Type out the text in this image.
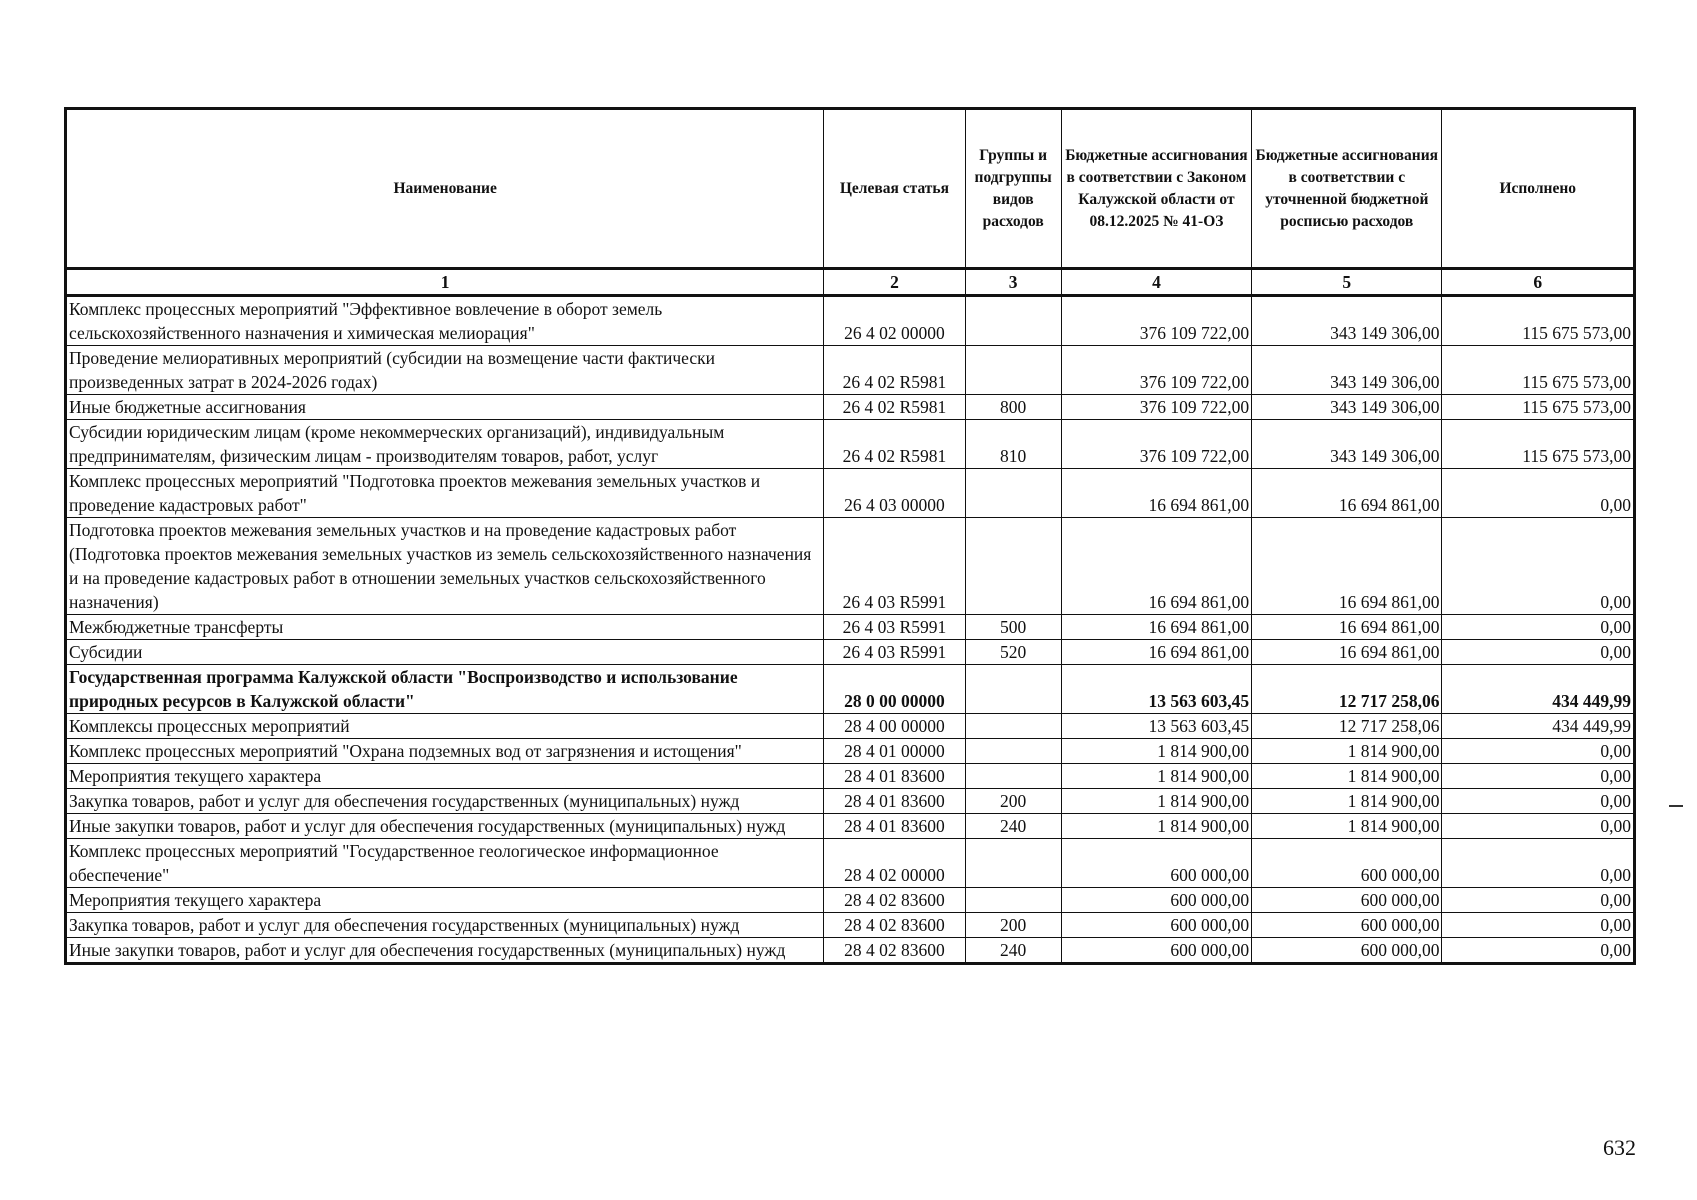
Наименование	Целевая статья	Группы и подгруппы видов расходов	Бюджетные ассигнования в соответствии с Законом Калужской области от 08.12.2025 № 41-ОЗ	Бюджетные ассигнования в соответствии с уточненной бюджетной росписью расходов	Исполнено
1	2	3	4	5	6
Комплекс процессных мероприятий "Эффективное вовлечение в оборот земель сельскохозяйственного назначения и химическая мелиорация"	26 4 02 00000		376 109 722,00	343 149 306,00	115 675 573,00
Проведение мелиоративных мероприятий (субсидии на возмещение части фактически произведенных затрат в 2024-2026 годах)	26 4 02 R5981		376 109 722,00	343 149 306,00	115 675 573,00
Иные бюджетные ассигнования	26 4 02 R5981	800	376 109 722,00	343 149 306,00	115 675 573,00
Субсидии юридическим лицам (кроме некоммерческих организаций), индивидуальным предпринимателям, физическим лицам - производителям товаров, работ, услуг	26 4 02 R5981	810	376 109 722,00	343 149 306,00	115 675 573,00
Комплекс процессных мероприятий "Подготовка проектов межевания земельных участков и проведение кадастровых работ"	26 4 03 00000		16 694 861,00	16 694 861,00	0,00
Подготовка проектов межевания земельных участков и на проведение кадастровых работ (Подготовка проектов межевания земельных участков из земель сельскохозяйственного назначения и на проведение кадастровых работ в отношении земельных участков сельскохозяйственного назначения)	26 4 03 R5991		16 694 861,00	16 694 861,00	0,00
Межбюджетные трансферты	26 4 03 R5991	500	16 694 861,00	16 694 861,00	0,00
Субсидии	26 4 03 R5991	520	16 694 861,00	16 694 861,00	0,00
Государственная программа Калужской области "Воспроизводство и использование природных ресурсов в Калужской области"	28 0 00 00000		13 563 603,45	12 717 258,06	434 449,99
Комплексы процессных мероприятий	28 4 00 00000		13 563 603,45	12 717 258,06	434 449,99
Комплекс процессных мероприятий "Охрана подземных вод от загрязнения и истощения"	28 4 01 00000		1 814 900,00	1 814 900,00	0,00
Мероприятия текущего характера	28 4 01 83600		1 814 900,00	1 814 900,00	0,00
Закупка товаров, работ и услуг для обеспечения государственных (муниципальных) нужд	28 4 01 83600	200	1 814 900,00	1 814 900,00	0,00
Иные закупки товаров, работ и услуг для обеспечения государственных (муниципальных) нужд	28 4 01 83600	240	1 814 900,00	1 814 900,00	0,00
Комплекс процессных мероприятий "Государственное геологическое информационное обеспечение"	28 4 02 00000		600 000,00	600 000,00	0,00
Мероприятия текущего характера	28 4 02 83600		600 000,00	600 000,00	0,00
Закупка товаров, работ и услуг для обеспечения государственных (муниципальных) нужд	28 4 02 83600	200	600 000,00	600 000,00	0,00
Иные закупки товаров, работ и услуг для обеспечения государственных (муниципальных) нужд	28 4 02 83600	240	600 000,00	600 000,00	0,00
632
